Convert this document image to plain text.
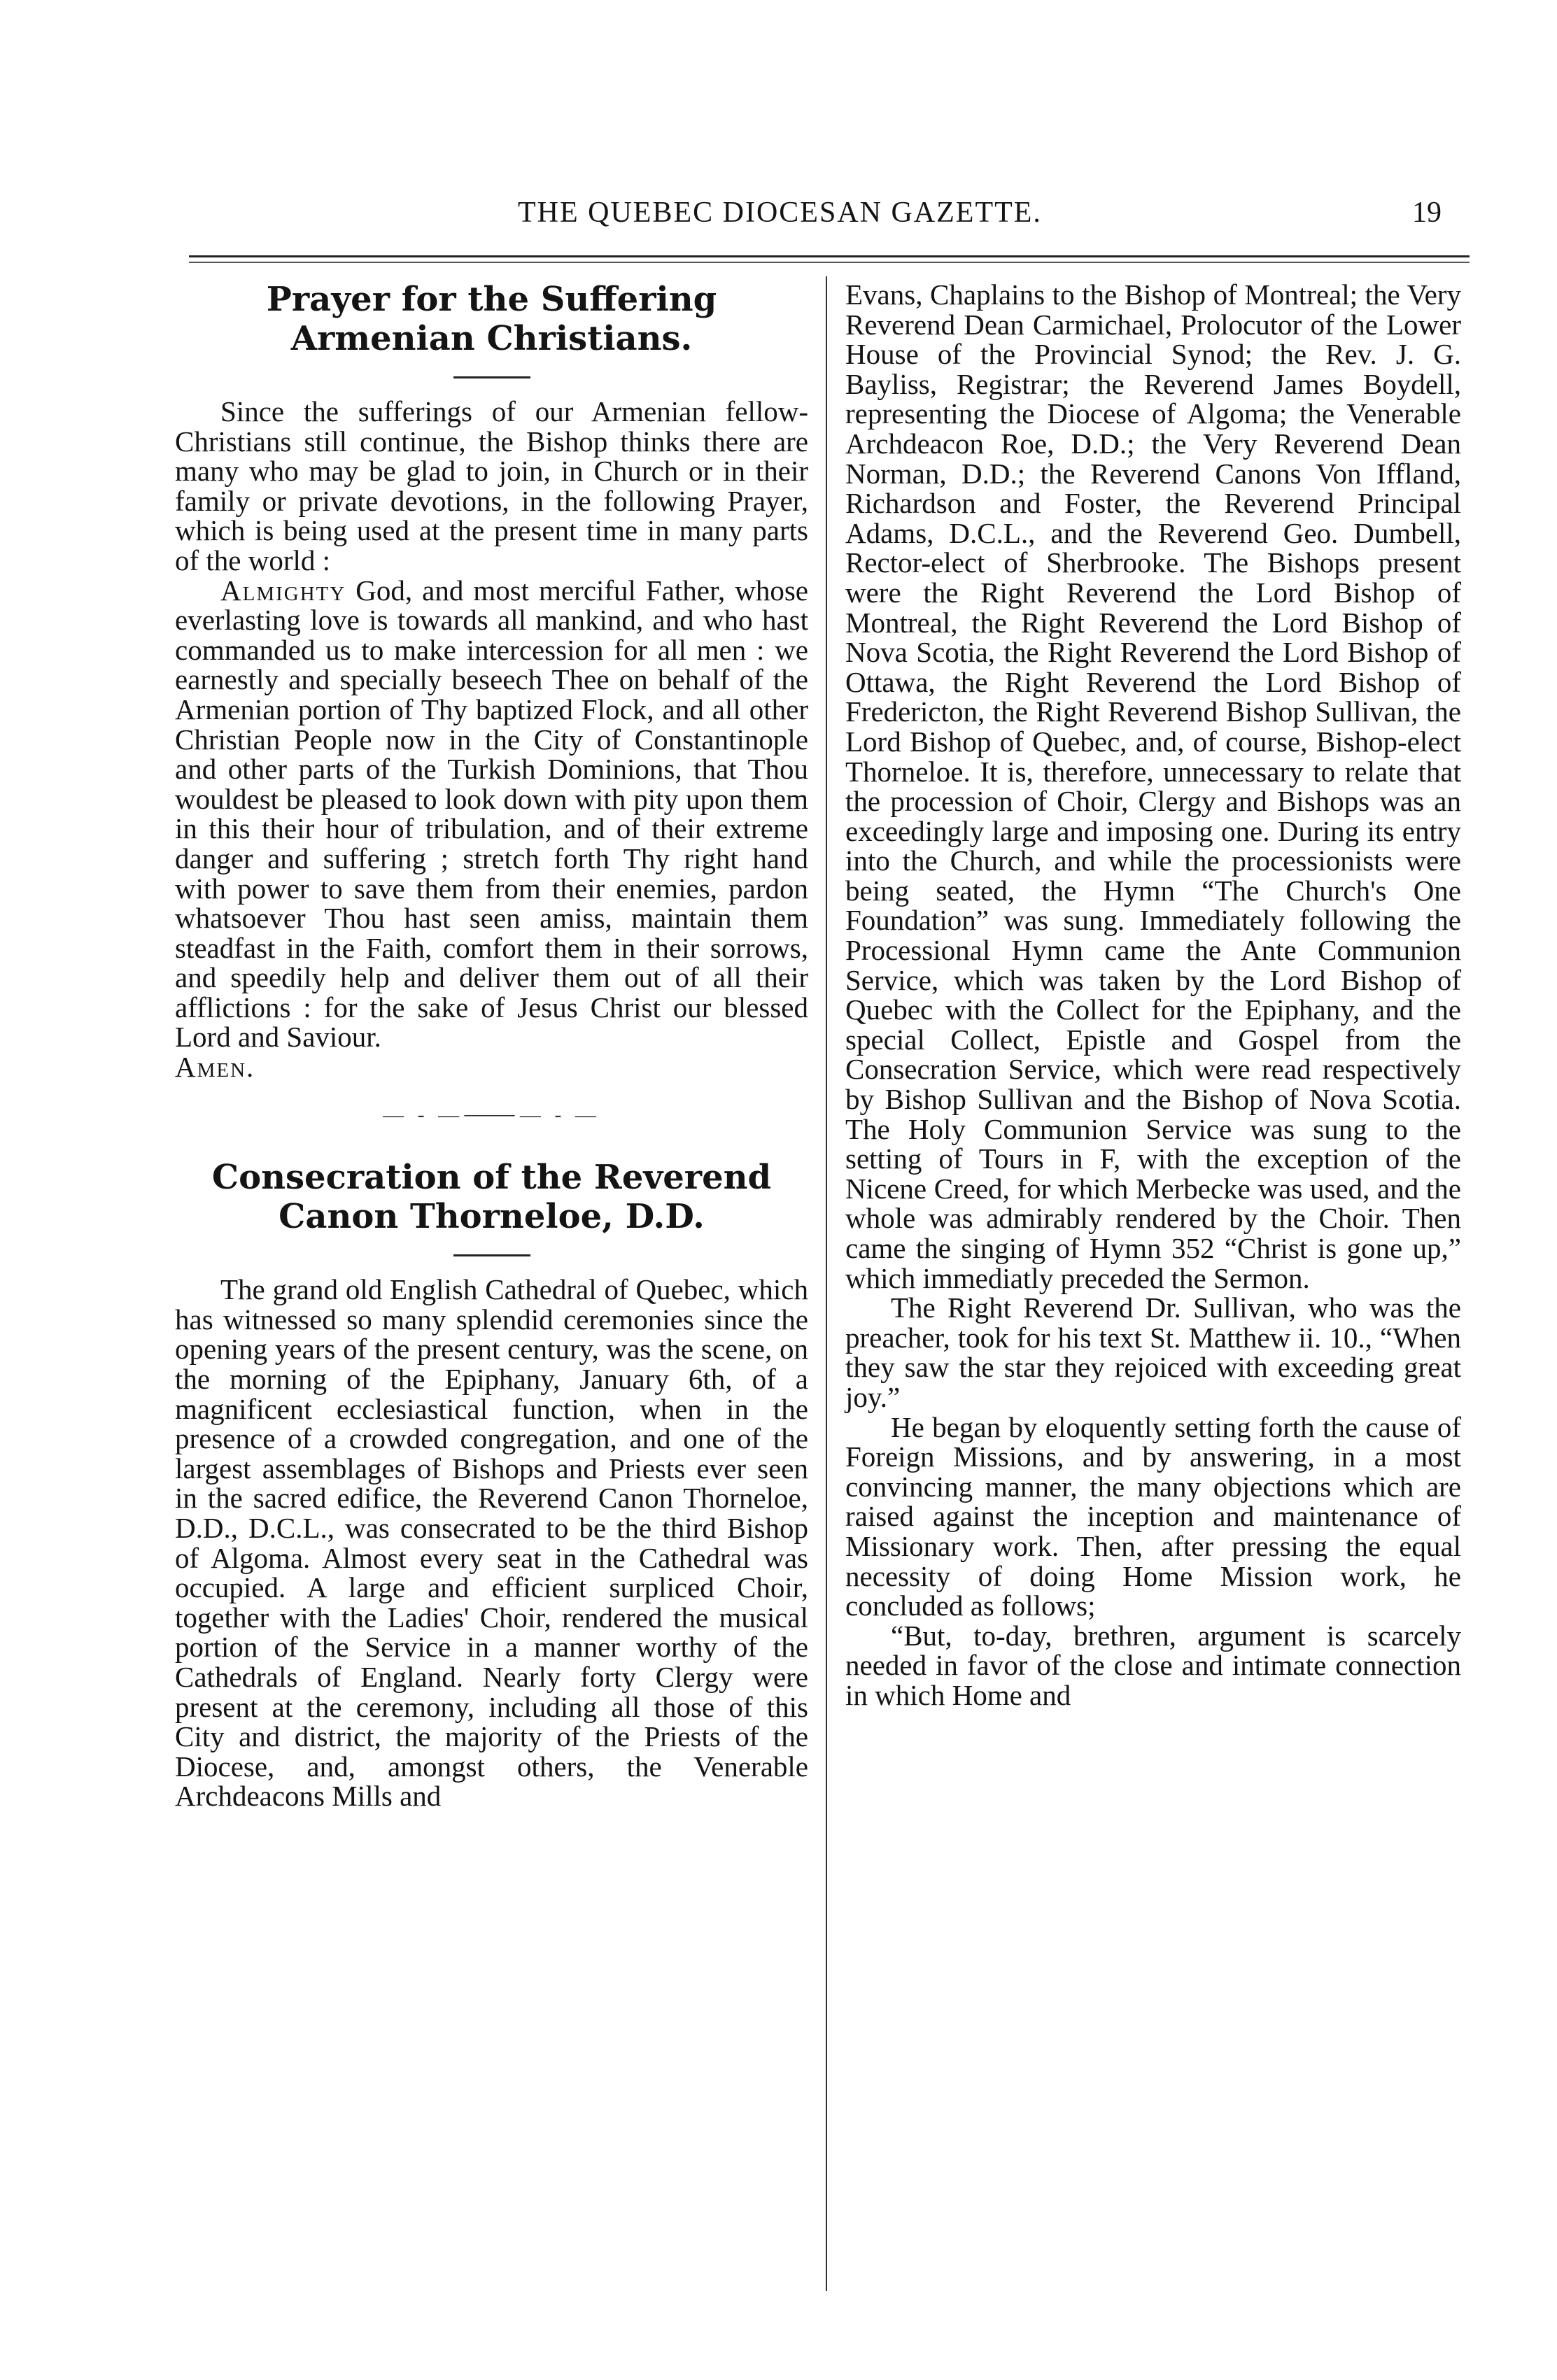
THE QUEBEC DIOCESAN GAZETTE.	19
Prayer for the Suffering Armenian Christians.

Since the sufferings of our Armenian fellow-Christians still continue, the Bishop thinks there are many who may be glad to join, in Church or in their family or private devotions, in the following Prayer, which is being used at the present time in many parts of the world :

Almighty God, and most merciful Father, whose everlasting love is towards all mankind, and who hast commanded us to make intercession for all men : we earnestly and specially beseech Thee on behalf of the Armenian portion of Thy baptized Flock, and all other Christian People now in the City of Constantinople and other parts of the Turkish Dominions, that Thou wouldest be pleased to look down with pity upon them in this their hour of tribulation, and of their extreme danger and suffering ; stretch forth Thy right hand with power to save them from their enemies, pardon whatsoever Thou hast seen amiss, maintain them steadfast in the Faith, comfort them in their sorrows, and speedily help and deliver them out of all their afflictions : for the sake of Jesus Christ our blessed Lord and Saviour.

Amen.

— - —⸻— - —
Consecration of the Reverend Canon Thorneloe, D.D.

The grand old English Cathedral of Quebec, which has witnessed so many splendid ceremonies since the opening years of the present century, was the scene, on the morning of the Epiphany, January 6th, of a magnificent ecclesiastical function, when in the presence of a crowded congregation, and one of the largest assemblages of Bishops and Priests ever seen in the sacred edifice, the Reverend Canon Thorneloe, D.D., D.C.L., was consecrated to be the third Bishop of Algoma. Almost every seat in the Cathedral was occupied. A large and efficient surpliced Choir, together with the Ladies' Choir, rendered the musical portion of the Service in a manner worthy of the Cathedrals of England. Nearly forty Clergy were present at the ceremony, including all those of this City and district, the majority of the Priests of the Diocese, and, amongst others, the Venerable Archdeacons Mills and

Evans, Chaplains to the Bishop of Montreal; the Very Reverend Dean Carmichael, Prolocutor of the Lower House of the Provincial Synod; the Rev. J. G. Bayliss, Registrar; the Reverend James Boydell, representing the Diocese of Algoma; the Venerable Archdeacon Roe, D.D.; the Very Reverend Dean Norman, D.D.; the Reverend Canons Von Iffland, Richardson and Foster, the Reverend Principal Adams, D.C.L., and the Reverend Geo. Dumbell, Rector-elect of Sherbrooke. The Bishops present were the Right Reverend the Lord Bishop of Montreal, the Right Reverend the Lord Bishop of Nova Scotia, the Right Reverend the Lord Bishop of Ottawa, the Right Reverend the Lord Bishop of Fredericton, the Right Reverend Bishop Sullivan, the Lord Bishop of Quebec, and, of course, Bishop-elect Thorneloe. It is, therefore, unnecessary to relate that the procession of Choir, Clergy and Bishops was an exceedingly large and imposing one. During its entry into the Church, and while the processionists were being seated, the Hymn “The Church's One Foundation” was sung. Immediately following the Processional Hymn came the Ante Communion Service, which was taken by the Lord Bishop of Quebec with the Collect for the Epiphany, and the special Collect, Epistle and Gospel from the Consecration Service, which were read respectively by Bishop Sullivan and the Bishop of Nova Scotia. The Holy Communion Service was sung to the setting of Tours in F, with the exception of the Nicene Creed, for which Merbecke was used, and the whole was admirably rendered by the Choir. Then came the singing of Hymn 352 “Christ is gone up,” which immediatly preceded the Sermon.

The Right Reverend Dr. Sullivan, who was the preacher, took for his text St. Matthew ii. 10., “When they saw the star they rejoiced with exceeding great joy.”

He began by eloquently setting forth the cause of Foreign Missions, and by answering, in a most convincing manner, the many objections which are raised against the inception and maintenance of Missionary work. Then, after pressing the equal necessity of doing Home Mission work, he concluded as follows;

“But, to-day, brethren, argument is scarcely needed in favor of the close and intimate connection in which Home and
